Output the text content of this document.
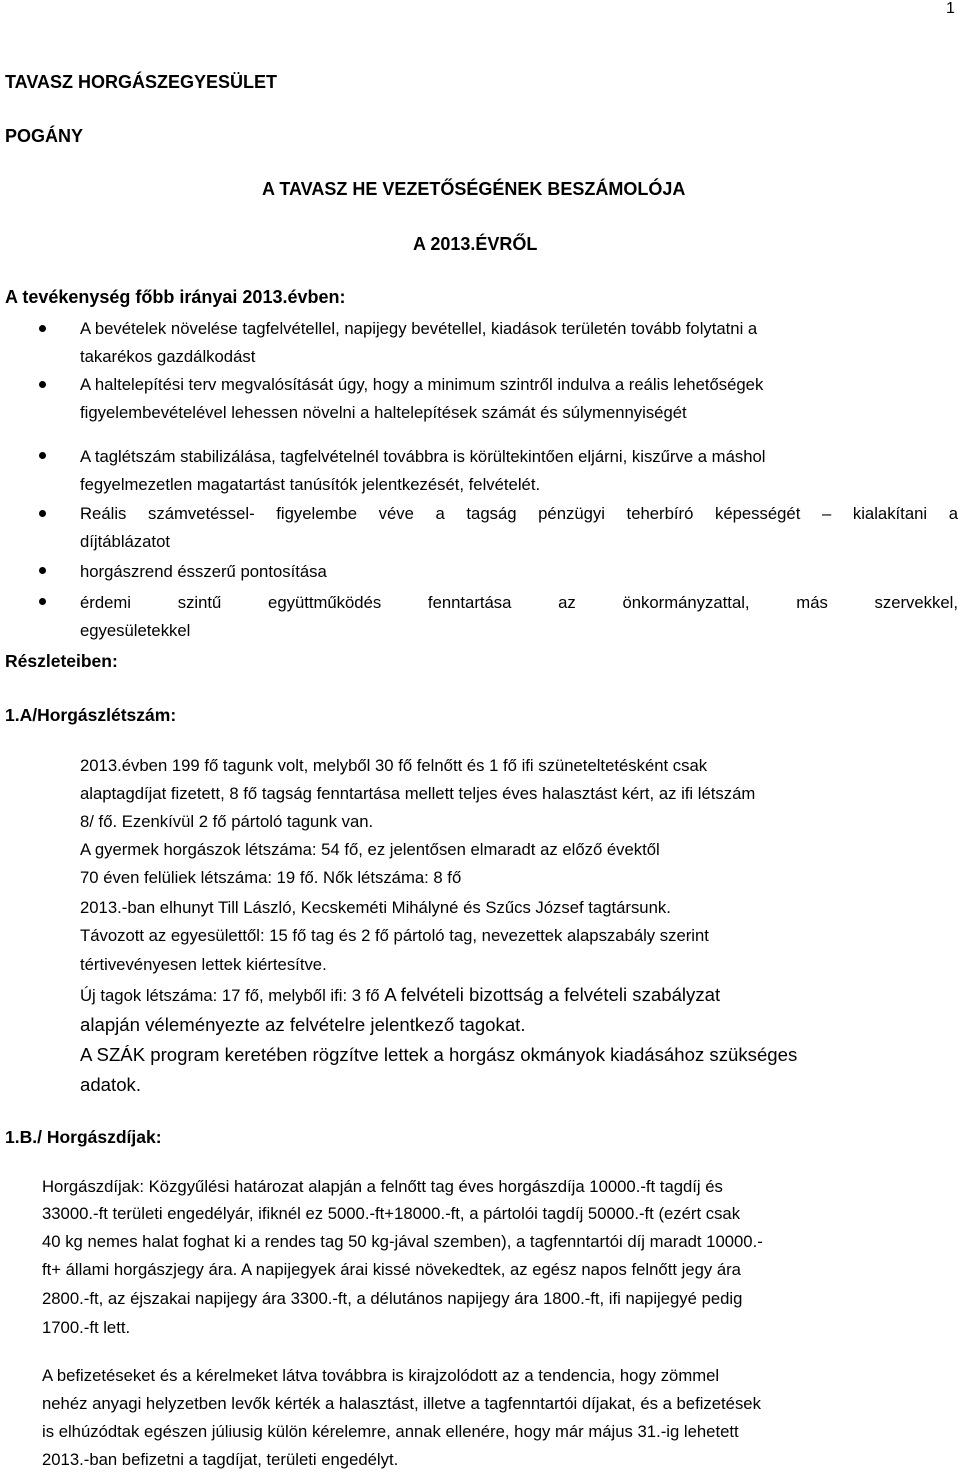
1
TAVASZ HORGÁSZEGYESÜLET
POGÁNY
A TAVASZ HE VEZETŐSÉGÉNEK BESZÁMOLÓJA
A 2013.ÉVRŐL
A tevékenység főbb irányai 2013.évben:
A bevételek növelése tagfelvétellel, napijegy bevétellel, kiadások területén tovább folytatni a
takarékos gazdálkodást
A haltelepítési terv megvalósítását úgy, hogy a minimum szintről indulva a reális lehetőségek
figyelembevételével lehessen növelni a haltelepítések számát és súlymennyiségét
A taglétszám stabilizálása, tagfelvételnél továbbra is körültekintően eljárni, kiszűrve a máshol
fegyelmezetlen magatartást tanúsítók jelentkezését, felvételét.
Reális számvetéssel- figyelembe véve a tagság pénzügyi teherbíró képességét – kialakítani a
díjtáblázatot
horgászrend ésszerű pontosítása
érdemi szintű együttműködés fenntartása az önkormányzattal, más szervekkel,
egyesületekkel
Részleteiben:
1.A/Horgászlétszám:
2013.évben 199 fő tagunk volt, melyből 30 fő felnőtt és 1 fő ifi szüneteltetésként csak
alaptagdíjat fizetett, 8 fő tagság fenntartása mellett teljes éves halasztást kért, az ifi létszám
8/ fő. Ezenkívül 2 fő pártoló tagunk van.
A gyermek horgászok létszáma: 54 fő, ez jelentősen elmaradt az előző évektől
70 éven felüliek létszáma: 19 fő. Nők létszáma: 8 fő
2013.-ban elhunyt Till László, Kecskeméti Mihályné és Szűcs József tagtársunk.
Távozott az egyesülettől: 15 fő tag és 2 fő pártoló tag, nevezettek alapszabály szerint
tértivevényesen lettek kiértesítve.
Új tagok létszáma: 17 fő, melyből ifi: 3 fő A felvételi bizottság a felvételi szabályzat
alapján véleményezte az felvételre jelentkező tagokat.
A SZÁK program keretében rögzítve lettek a horgász okmányok kiadásához szükséges
adatok.
1.B./ Horgászdíjak:
Horgászdíjak: Közgyűlési határozat alapján a felnőtt tag éves horgászdíja 10000.-ft tagdíj és
33000.-ft területi engedélyár, ifiknél ez 5000.-ft+18000.-ft, a pártolói tagdíj 50000.-ft (ezért csak
40 kg nemes halat foghat ki a rendes tag 50 kg-jával szemben), a tagfenntartói díj maradt 10000.-
ft+ állami horgászjegy ára. A napijegyek árai kissé növekedtek, az egész napos felnőtt jegy ára
2800.-ft, az éjszakai napijegy ára 3300.-ft, a délutános napijegy ára 1800.-ft, ifi napijegyé pedig
1700.-ft lett.
A befizetéseket és a kérelmeket látva továbbra is kirajzolódott az a tendencia, hogy zömmel
nehéz anyagi helyzetben levők kérték a halasztást, illetve a tagfenntartói díjakat, és a befizetések
is elhúzódtak egészen júliusig külön kérelemre, annak ellenére, hogy már május 31.-ig lehetett
2013.-ban befizetni a tagdíjat, területi engedélyt.
